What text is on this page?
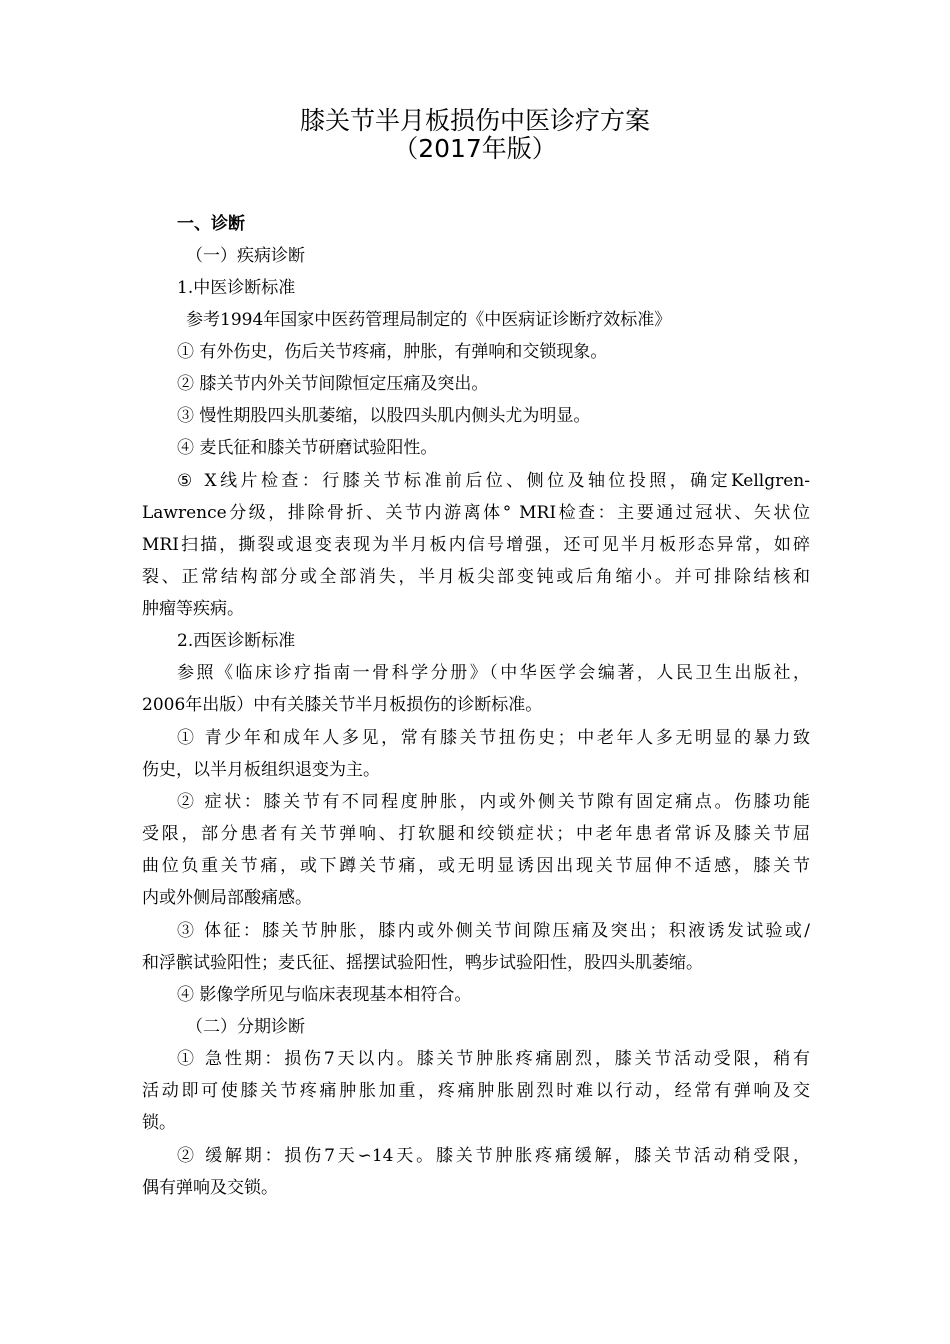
膝关节半月板损伤中医诊疗方案
（2017年版）

一、诊断

（一）疾病诊断

1.中医诊断标准

参考1994年国家中医药管理局制定的《中医病证诊断疗效标准》

① 有外伤史，伤后关节疼痛，肿胀，有弹响和交锁现象。

② 膝关节内外关节间隙恒定压痛及突出。

③ 慢性期股四头肌萎缩，以股四头肌内侧头尤为明显。

④ 麦氏征和膝关节研磨试验阳性。

⑤ X线片检查：行膝关节标准前后位、侧位及轴位投照，确定Kellgren-

Lawrence分级，排除骨折、关节内游离体° MRI检查：主要通过冠状、矢状位

MRI扫描，撕裂或退变表现为半月板内信号增强，还可见半月板形态异常，如碎

裂、正常结构部分或全部消失，半月板尖部变钝或后角缩小。并可排除结核和

肿瘤等疾病。

2.西医诊断标准

参照《临床诊疗指南一骨科学分册》（中华医学会编著，人民卫生出版社，

2006年出版）中有关膝关节半月板损伤的诊断标准。

① 青少年和成年人多见，常有膝关节扭伤史；中老年人多无明显的暴力致

伤史，以半月板组织退变为主。

② 症状：膝关节有不同程度肿胀，内或外侧关节隙有固定痛点。伤膝功能

受限，部分患者有关节弹响、打软腿和绞锁症状；中老年患者常诉及膝关节屈

曲位负重关节痛，或下蹲关节痛，或无明显诱因出现关节屈伸不适感，膝关节

内或外侧局部酸痛感。

③ 体征：膝关节肿胀，膝内或外侧关节间隙压痛及突出；积液诱发试验或/

和浮髌试验阳性；麦氏征、摇摆试验阳性，鸭步试验阳性，股四头肌萎缩。

④ 影像学所见与临床表现基本相符合。

（二）分期诊断

① 急性期：损伤7天以内。膝关节肿胀疼痛剧烈，膝关节活动受限，稍有

活动即可使膝关节疼痛肿胀加重，疼痛肿胀剧烈时难以行动，经常有弹响及交

锁。

② 缓解期：损伤7天∽14天。膝关节肿胀疼痛缓解，膝关节活动稍受限，

偶有弹响及交锁。
